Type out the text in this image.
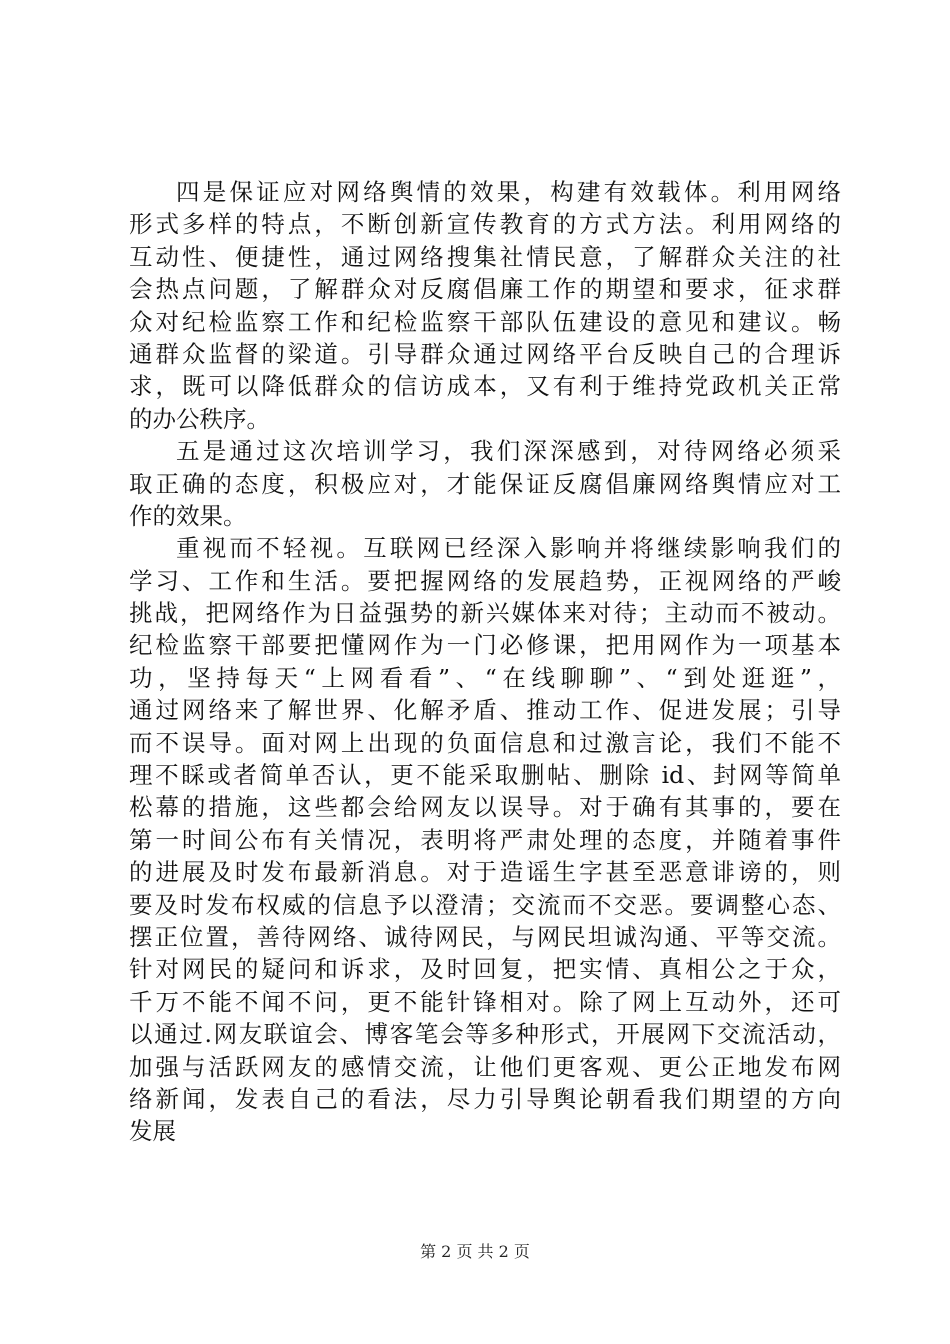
四是保证应对网络舆情的效果，构建有效载体。利用网络
形式多样的特点，不断创新宣传教育的方式方法。利用网络的
互动性、便捷性，通过网络搜集社情民意，了解群众关注的社
会热点问题，了解群众对反腐倡廉工作的期望和要求，征求群
众对纪检监察工作和纪检监察干部队伍建设的意见和建议。畅
通群众监督的梁道。引导群众通过网络平台反映自己的合理诉
求，既可以降低群众的信访成本，又有利于维持党政机关正常
的办公秩序。
五是通过这次培训学习，我们深深感到，对待网络必须采
取正确的态度，积极应对，才能保证反腐倡廉网络舆情应对工
作的效果。
重视而不轻视。互联网已经深入影响并将继续影响我们的
学习、工作和生活。要把握网络的发展趋势，正视网络的严峻
挑战，把网络作为日益强势的新兴媒体来对待；主动而不被动。
纪检监察干部要把懂网作为一门必修课，把用网作为一项基本
功，坚持每天“上网看看”、“在线聊聊”、“到处逛逛”，
通过网络来了解世界、化解矛盾、推动工作、促进发展；引导
而不误导。面对网上出现的负面信息和过激言论，我们不能不
理不睬或者简单否认，更不能采取删帖、删除 id、封网等简单
松幕的措施，这些都会给网友以误导。对于确有其事的，要在
第一时间公布有关情况，表明将严肃处理的态度，并随着事件
的进展及时发布最新消息。对于造谣生字甚至恶意诽谤的，则
要及时发布权威的信息予以澄清；交流而不交恶。要调整心态、
摆正位置，善待网络、诚待网民，与网民坦诚沟通、平等交流。
针对网民的疑问和诉求，及时回复，把实情、真相公之于众，
千万不能不闻不问，更不能针锋相对。除了网上互动外，还可
以通过.网友联谊会、博客笔会等多种形式，开展网下交流活动，
加强与活跃网友的感情交流，让他们更客观、更公正地发布网
络新闻，发表自己的看法，尽力引导舆论朝看我们期望的方向
发展
第 2 页 共 2 页
